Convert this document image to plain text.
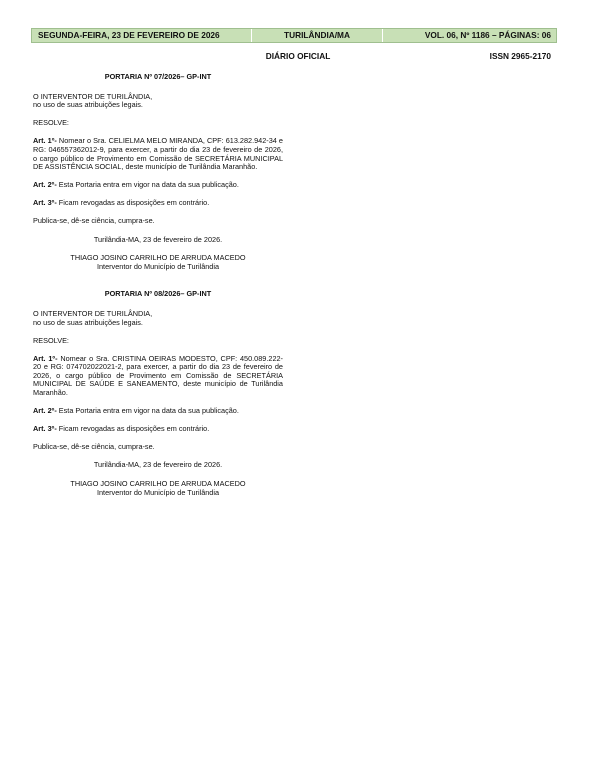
SEGUNDA-FEIRA, 23 DE FEVEREIRO DE 2026	TURILÂNDIA/MA	VOL. 06, Nº 1186 – PÁGINAS: 06
DIÁRIO OFICIAL	ISSN 2965-2170

PORTARIA Nº 07/2026– GP-INT

O INTERVENTOR DE TURILÂNDIA,
no uso de suas atribuições legais.

RESOLVE:

Art. 1º- Nomear o Sra. CELIELMA MELO MIRANDA, CPF: 613.282.942-34 e RG: 046557362012-9, para exercer, a partir do dia 23 de fevereiro de 2026, o cargo público de Provimento em Comissão de SECRETÁRIA MUNICIPAL DE ASSISTÊNCIA SOCIAL, deste município de Turilândia Maranhão.

Art. 2º- Esta Portaria entra em vigor na data da sua publicação.

Art. 3º- Ficam revogadas as disposições em contrário.

Publica-se, dê-se ciência, cumpra-se.

Turilândia-MA, 23 de fevereiro de 2026.

THIAGO JOSINO CARRILHO DE ARRUDA MACEDO

Interventor do Município de Turilândia

PORTARIA Nº 08/2026– GP-INT

O INTERVENTOR DE TURILÂNDIA,
no uso de suas atribuições legais.

RESOLVE:

Art. 1º- Nomear o Sra. CRISTINA OEIRAS MODESTO, CPF: 450.089.222-20 e RG: 074702022021-2, para exercer, a partir do dia 23 de fevereiro de 2026, o cargo público de Provimento em Comissão de SECRETÁRIA MUNICIPAL DE SAÚDE E SANEAMENTO, deste município de Turilândia Maranhão.

Art. 2º- Esta Portaria entra em vigor na data da sua publicação.

Art. 3º- Ficam revogadas as disposições em contrário.

Publica-se, dê-se ciência, cumpra-se.

Turilândia-MA, 23 de fevereiro de 2026.

THIAGO JOSINO CARRILHO DE ARRUDA MACEDO

Interventor do Município de Turilândia
